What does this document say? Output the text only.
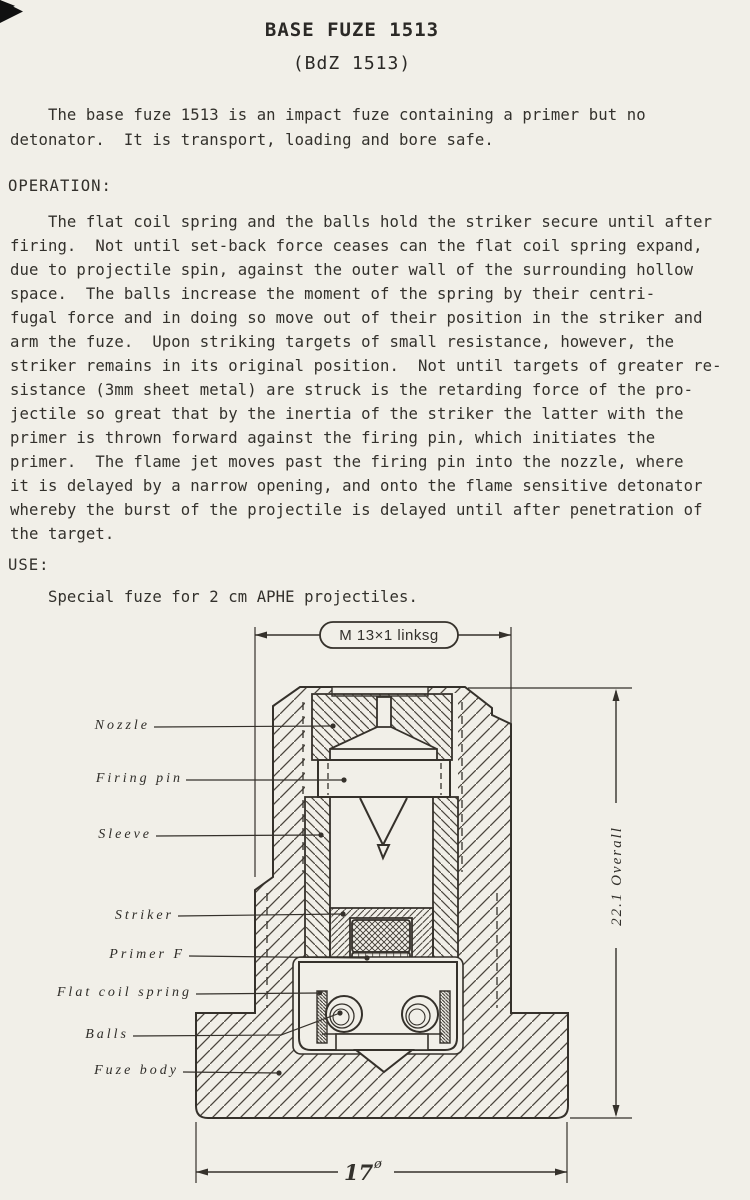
BASE FUZE 1513
(BdZ 1513)
The base fuze 1513 is an impact fuze containing a primer but no
detonator.  It is transport, loading and bore safe.
OPERATION:
The flat coil spring and the balls hold the striker secure until after
firing.  Not until set-back force ceases can the flat coil spring expand,
due to projectile spin, against the outer wall of the surrounding hollow
space.  The balls increase the moment of the spring by their centri-
fugal force and in doing so move out of their position in the striker and
arm the fuze.  Upon striking targets of small resistance, however, the
striker remains in its original position.  Not until targets of greater re-
sistance (3mm sheet metal) are struck is the retarding force of the pro-
jectile so great that by the inertia of the striker the latter with the
primer is thrown forward against the firing pin, which initiates the
primer.  The flame jet moves past the firing pin into the nozzle, where
it is delayed by a narrow opening, and onto the flame sensitive detonator
whereby the burst of the projectile is delayed until after penetration of
the target.
USE:
Special fuze for 2 cm APHE projectiles.
Nozzle
Firing pin
Sleeve
Striker
Primer F
Flat coil spring
Balls
Fuze body
M 13×1 linksg
22.1 Overall
17 ø
